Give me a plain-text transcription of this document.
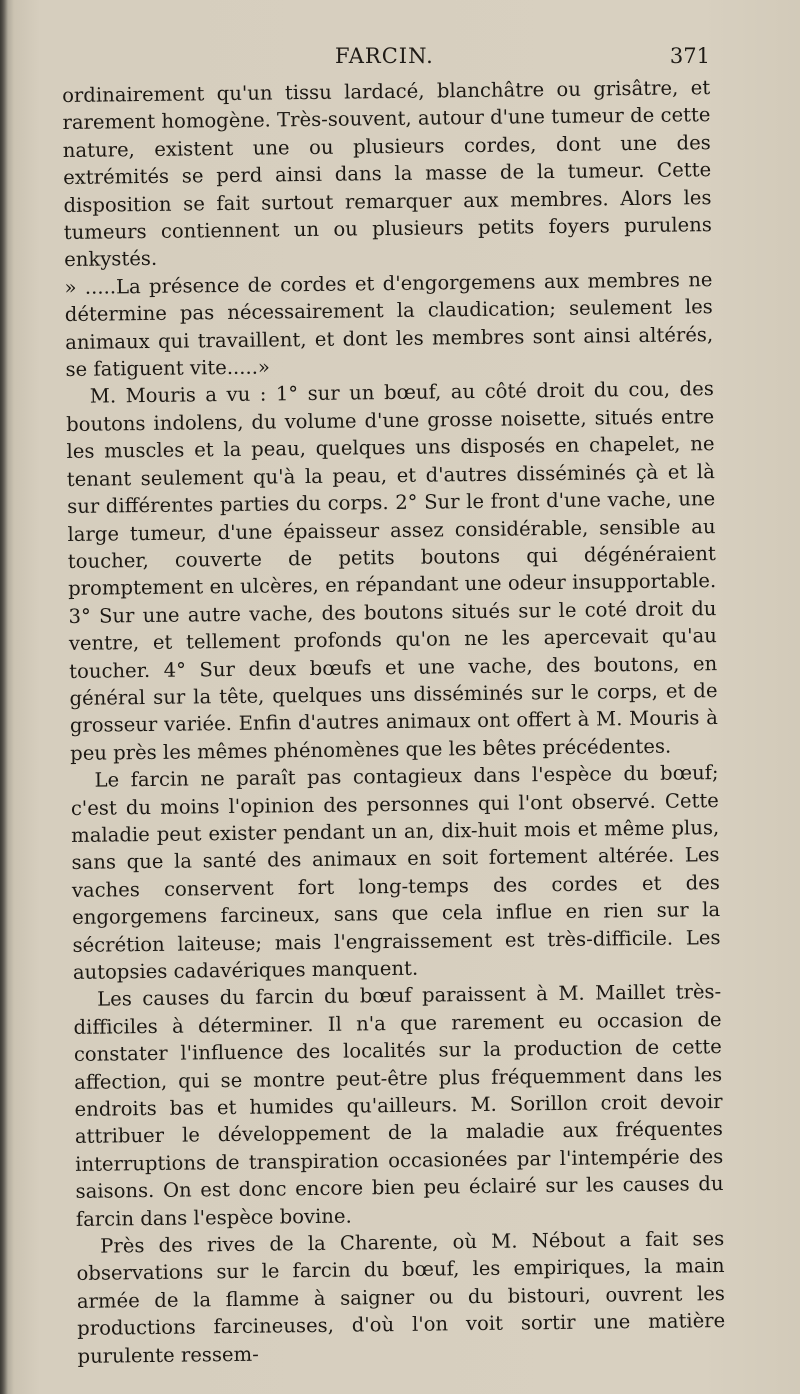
FARCIN.	371

ordinairement qu'un tissu lardacé, blanchâtre ou grisâtre, et rarement homogène. Très-souvent, autour d'une tumeur de cette nature, existent une ou plusieurs cordes, dont une des extrémités se perd ainsi dans la masse de la tumeur. Cette disposition se fait surtout remarquer aux membres. Alors les tumeurs contiennent un ou plusieurs petits foyers purulens enkystés.

» .....La présence de cordes et d'engorgemens aux membres ne détermine pas nécessairement la claudication; seulement les animaux qui travaillent, et dont les membres sont ainsi altérés, se fatiguent vite.....»

M. Mouris a vu : 1° sur un bœuf, au côté droit du cou, des boutons indolens, du volume d'une grosse noisette, situés entre les muscles et la peau, quelques uns disposés en chapelet, ne tenant seulement qu'à la peau, et d'autres disséminés çà et là sur différentes parties du corps. 2° Sur le front d'une vache, une large tumeur, d'une épaisseur assez considérable, sensible au toucher, couverte de petits boutons qui dégénéraient promptement en ulcères, en répandant une odeur insupportable. 3° Sur une autre vache, des boutons situés sur le coté droit du ventre, et tellement profonds qu'on ne les apercevait qu'au toucher. 4° Sur deux bœufs et une vache, des boutons, en général sur la tête, quelques uns disséminés sur le corps, et de grosseur variée. Enfin d'autres animaux ont offert à M. Mouris à peu près les mêmes phénomènes que les bêtes précédentes.

Le farcin ne paraît pas contagieux dans l'espèce du bœuf; c'est du moins l'opinion des personnes qui l'ont observé. Cette maladie peut exister pendant un an, dix-huit mois et même plus, sans que la santé des animaux en soit fortement altérée. Les vaches conservent fort long-temps des cordes et des engorgemens farcineux, sans que cela influe en rien sur la sécrétion laiteuse; mais l'engraissement est très-difficile. Les autopsies cadavériques manquent.

Les causes du farcin du bœuf paraissent à M. Maillet très-difficiles à déterminer. Il n'a que rarement eu occasion de constater l'influence des localités sur la production de cette affection, qui se montre peut-être plus fréquemment dans les endroits bas et humides qu'ailleurs. M. Sorillon croit devoir attribuer le développement de la maladie aux fréquentes interruptions de transpiration occasionées par l'intempérie des saisons. On est donc encore bien peu éclairé sur les causes du farcin dans l'espèce bovine.

Près des rives de la Charente, où M. Nébout a fait ses observations sur le farcin du bœuf, les empiriques, la main armée de la flamme à saigner ou du bistouri, ouvrent les productions farcineuses, d'où l'on voit sortir une matière purulente ressem-
